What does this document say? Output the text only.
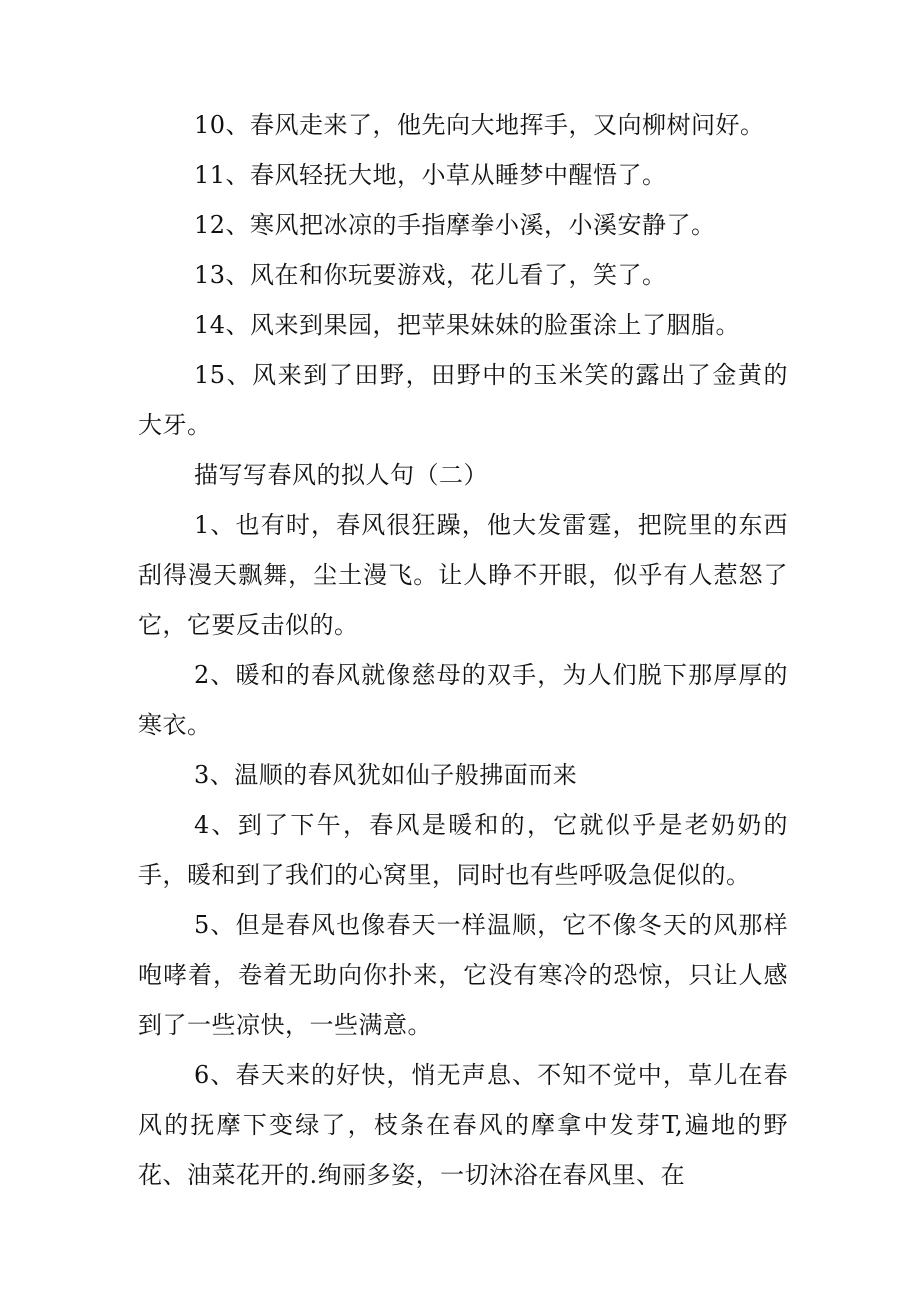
10、春风走来了，他先向大地挥手，又向柳树问好。

11、春风轻抚大地，小草从睡梦中醒悟了。

12、寒风把冰凉的手指摩拳小溪，小溪安静了。

13、风在和你玩要游戏，花儿看了，笑了。

14、风来到果园，把苹果妹妹的脸蛋涂上了胭脂。

15、风来到了田野，田野中的玉米笑的露出了金黄的大牙。

描写写春风的拟人句（二）

1、也有时，春风很狂躁，他大发雷霆，把院里的东西刮得漫天飘舞，尘土漫飞。让人睁不开眼，似乎有人惹怒了它，它要反击似的。

2、暖和的春风就像慈母的双手，为人们脱下那厚厚的寒衣。

3、温顺的春风犹如仙子般拂面而来

4、到了下午，春风是暖和的，它就似乎是老奶奶的手，暖和到了我们的心窝里，同时也有些呼吸急促似的。

5、但是春风也像春天一样温顺，它不像冬天的风那样咆哮着，卷着无助向你扑来，它没有寒冷的恐惊，只让人感到了一些凉快，一些满意。

6、春天来的好快，悄无声息、不知不觉中，草儿在春风的抚摩下变绿了，枝条在春风的摩拿中发芽T,遍地的野花、油菜花开的.绚丽多姿，一切沐浴在春风里、在
